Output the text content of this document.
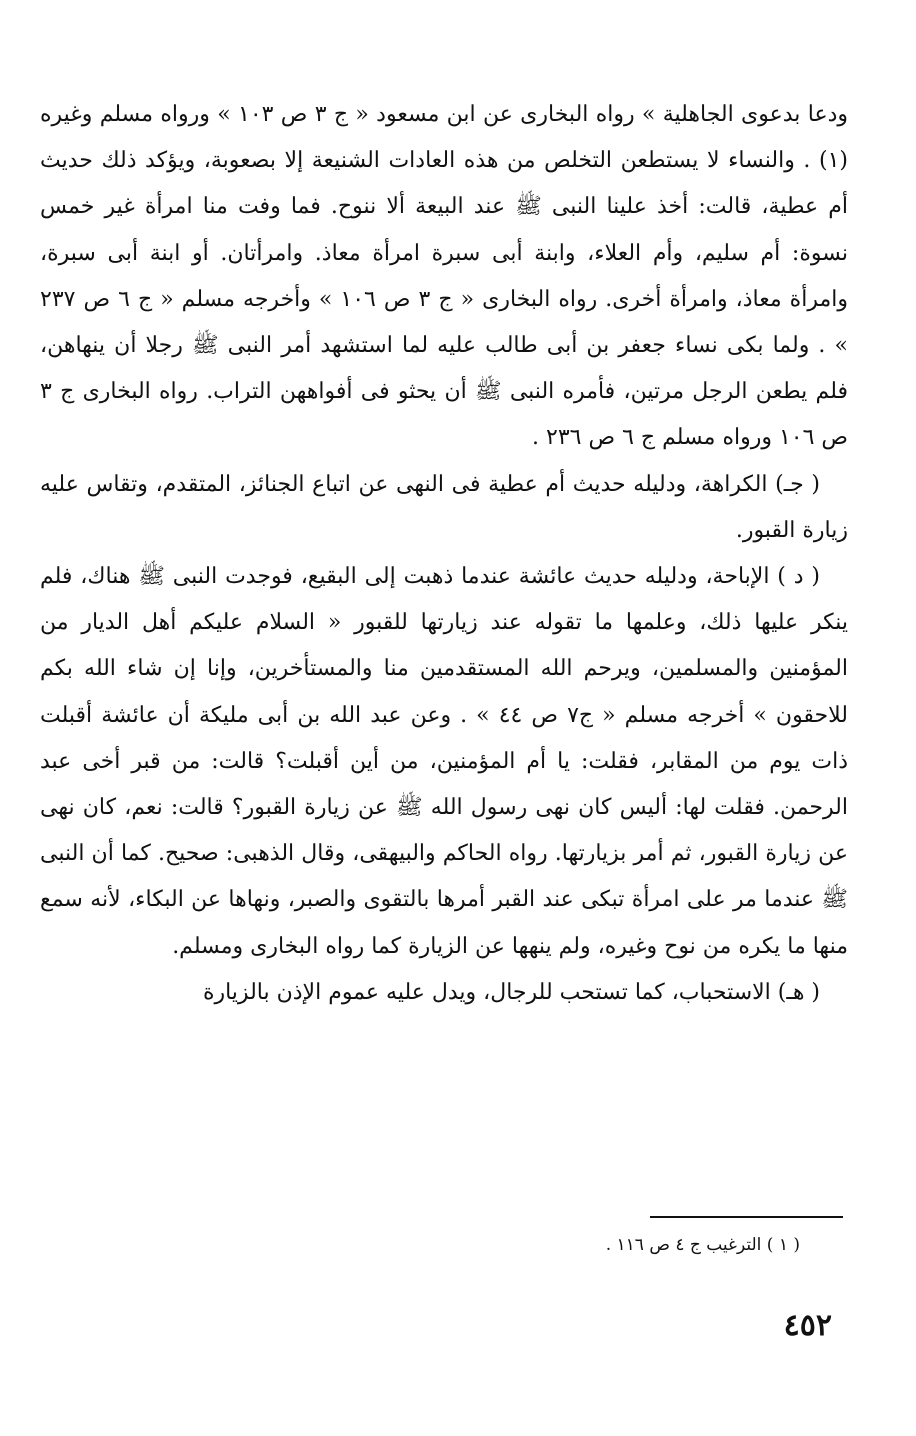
ودعا بدعوى الجاهلية » رواه البخارى عن ابن مسعود « ج ٣ ص ١٠٣ » ورواه مسلم وغيره (١) . والنساء لا يستطعن التخلص من هذه العادات الشنيعة إلا بصعوبة، ويؤكد ذلك حديث أم عطية، قالت: أخذ علينا النبى ﷺ عند البيعة ألا ننوح. فما وفت منا امرأة غير خمس نسوة: أم سليم، وأم العلاء، وابنة أبى سبرة امرأة معاذ. وامرأتان. أو ابنة أبى سبرة، وامرأة معاذ، وامرأة أخرى. رواه البخارى « ج ٣ ص ١٠٦ » وأخرجه مسلم « ج ٦ ص ٢٣٧ » . ولما بكى نساء جعفر بن أبى طالب عليه لما استشهد أمر النبى ﷺ رجلا أن ينهاهن، فلم يطعن الرجل مرتين، فأمره النبى ﷺ أن يحثو فى أفواههن التراب. رواه البخارى ج ٣ ص ١٠٦ ورواه مسلم ج ٦ ص ٢٣٦ .

( جـ) الكراهة، ودليله حديث أم عطية فى النهى عن اتباع الجنائز، المتقدم، وتقاس عليه زيارة القبور.

( د ) الإباحة، ودليله حديث عائشة عندما ذهبت إلى البقيع، فوجدت النبى ﷺ هناك، فلم ينكر عليها ذلك، وعلمها ما تقوله عند زيارتها للقبور « السلام عليكم أهل الديار من المؤمنين والمسلمين، ويرحم الله المستقدمين منا والمستأخرين، وإنا إن شاء الله بكم للاحقون » أخرجه مسلم « ج٧ ص ٤٤ » . وعن عبد الله بن أبى مليكة أن عائشة أقبلت ذات يوم من المقابر، فقلت: يا أم المؤمنين، من أين أقبلت؟ قالت: من قبر أخى عبد الرحمن. فقلت لها: أليس كان نهى رسول الله ﷺ عن زيارة القبور؟ قالت: نعم، كان نهى عن زيارة القبور، ثم أمر بزيارتها. رواه الحاكم والبيهقى، وقال الذهبى: صحيح. كما أن النبى ﷺ عندما مر على امرأة تبكى عند القبر أمرها بالتقوى والصبر، ونهاها عن البكاء، لأنه سمع منها ما يكره من نوح وغيره، ولم ينهها عن الزيارة كما رواه البخارى ومسلم.

( هـ) الاستحباب، كما تستحب للرجال، ويدل عليه عموم الإذن بالزيارة

( ١ ) الترغيب ج ٤ ص ١١٦ .
٤٥٢
